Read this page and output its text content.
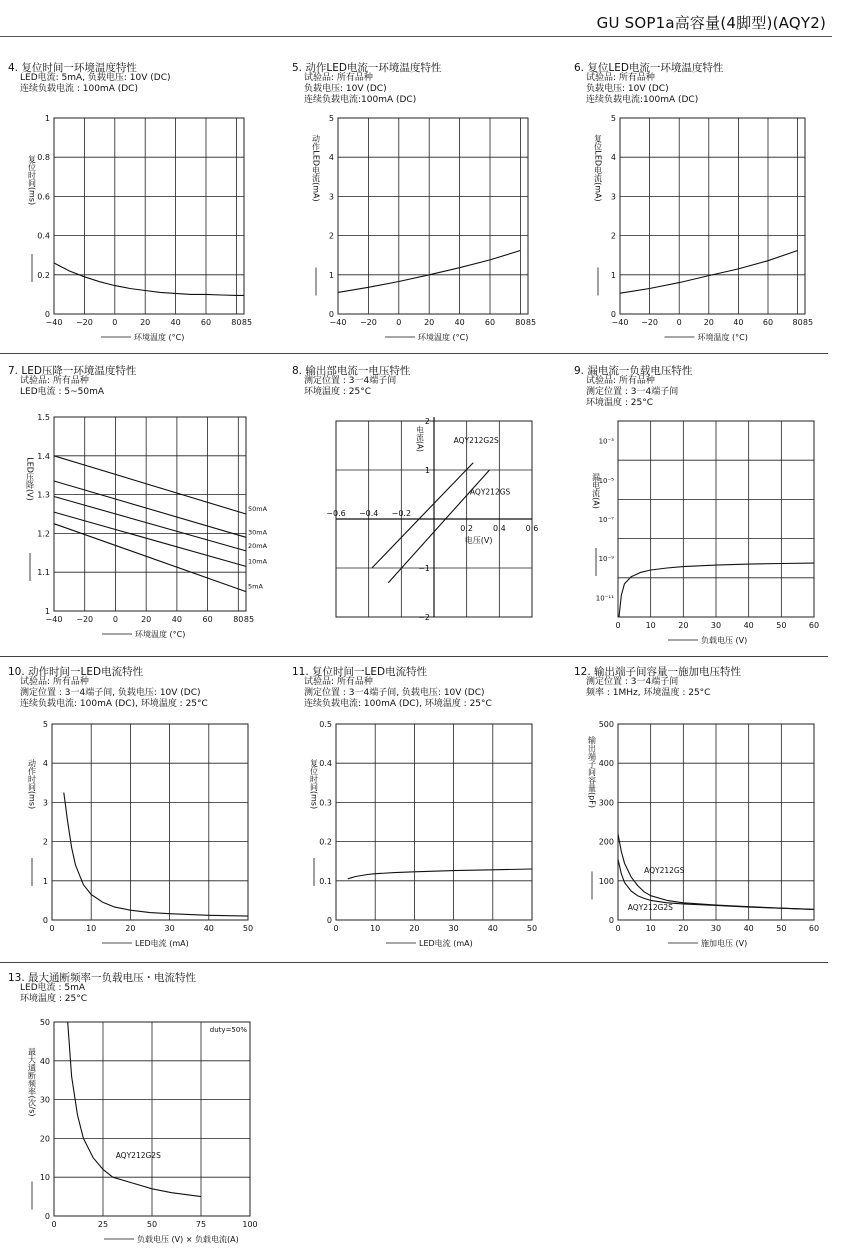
GU SOP1a高容量(4脚型)(AQY2)
4. 复位时间一环境温度特性
LED电流: 5mA, 负载电压: 10V (DC)
连续负载电流 : 100mA (DC)
−40 −20 0	20	40	60	80 85
0
0.2
0.4
0.6
0.8
1
复位时间(ms)
环境温度 (°C)
5. 动作LED电流一环境温度特性
试验品: 所有品种
负载电压: 10V (DC)
连续负载电流:100mA (DC)
−40 −20 0	20	40	60	80 85
0
1
2
3
4
5
动作LED电流(mA)
环境温度 (°C)
6. 复位LED电流一环境温度特性
试验品: 所有品种
负载电压: 10V (DC)
连续负载电流:100mA (DC)
−40 −20 0	20 40 60 80 85
0
1
2
3
4
5
复位LED电流(mA)
环境温度 (°C)
7. LED压降一环境温度特性
试验品: 所有品种
LED电流 : 5~50mA
−40 −20 0	20	40	60	80 85
1
1.1
1.2
1.3
1.4
1.5
LED压降(V)
环境温度 (°C)
50mA
30mA
20mA
10mA
5mA
8. 输出部电流一电压特性
测定位置 : 3一4端子间
环境温度 : 25°C
−0.6 −0.4 −0.2
0.2 0.4 0.6
−2
−1
1
2
电流(A)
电压(V)
AQY212G2S
AQY212GS
9. 漏电流一负载电压特性
试验品: 所有品种
测定位置 : 3一4端子间
环境温度 : 25°C
0	10	20	30	40	50	60
10⁻³
10⁻⁵
10⁻⁷
10⁻⁹
10⁻¹¹
漏电流(A)
负载电压 (V)
10. 动作时间一LED电流特性
试验品: 所有品种
测定位置 : 3一4端子间, 负载电压: 10V (DC)
连续负载电流: 100mA (DC), 环境温度 : 25°C
0	10	20	30	40	50
0
1
2
3
4
5
动作时间(ms)
LED电流 (mA)
11. 复位时间一LED电流特性
试验品: 所有品种
测定位置 : 3一4端子间, 负载电压: 10V (DC)
连续负载电流: 100mA (DC), 环境温度 : 25°C
0	10	20	30	40	50
0
0.1
0.2
0.3
0.4
0.5
复位时间(ms)
LED电流 (mA)
12. 输出端子间容量一施加电压特性
测定位置 : 3一4端子间
频率 : 1MHz, 环境温度 : 25°C
0	10	20	30	40	50	60
0
100
200
300
400
500
输出端子间容量(pF)
施加电压 (V)
AQY212GS
AQY212G2S
13. 最大通断频率一负载电压・电流特性
LED电流 : 5mA
环境温度 : 25°C
0	25	50	75	100
0
10
20
30
40
50
最大通断频率(次/s)
负载电压 (V) × 负载电流(A)
AQY212G2S
duty=50%
